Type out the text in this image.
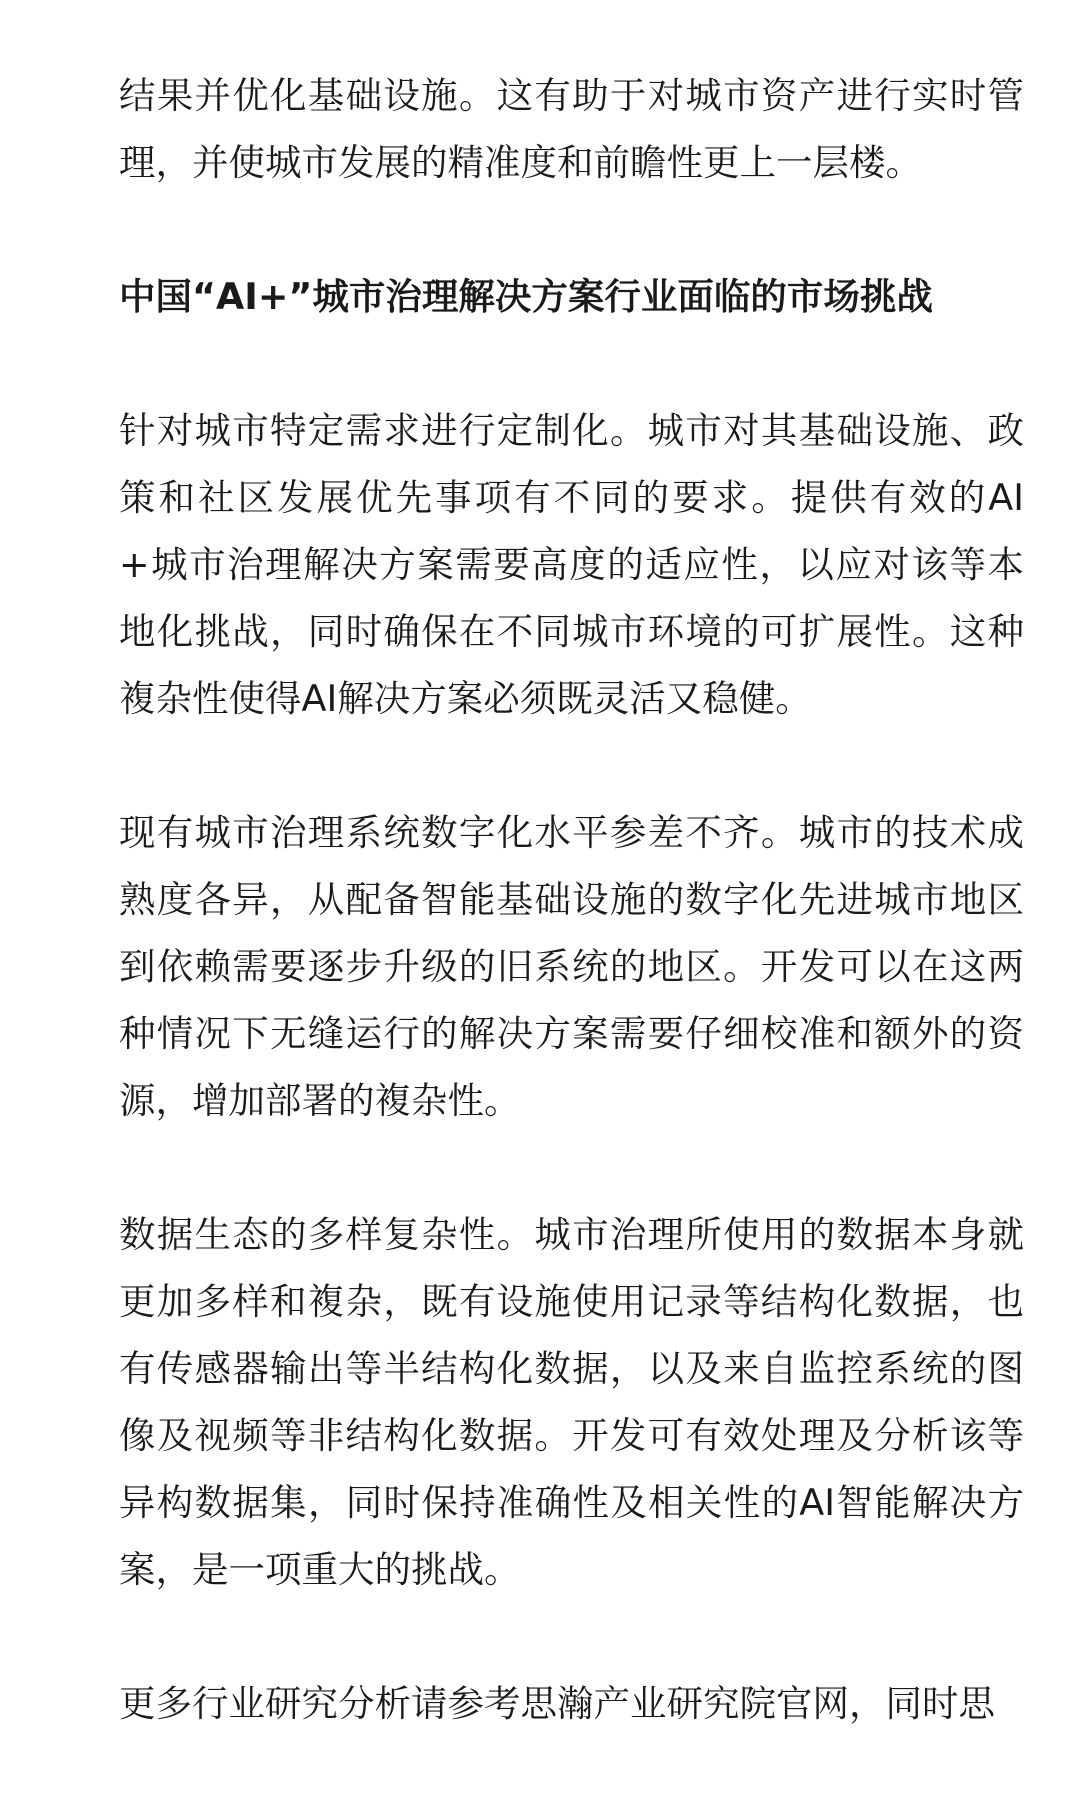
结果并优化基础设施。这有助于对城市资产进行实时管理，并使城市发展的精准度和前瞻性更上一层楼。

中国“AI+”城市治理解决方案行业面临的市场挑战

针对城市特定需求进行定制化。城市对其基础设施、政策和社区发展优先事项有不同的要求。提供有效的AI+城市治理解决方案需要高度的适应性，以应对该等本地化挑战，同时确保在不同城市环境的可扩展性。这种複杂性使得AI解决方案必须既灵活又稳健。

现有城市治理系统数字化水平参差不齐。城市的技术成熟度各异，从配备智能基础设施的数字化先进城市地区到依赖需要逐步升级的旧系统的地区。开发可以在这两种情况下无缝运行的解决方案需要仔细校准和额外的资源，增加部署的複杂性。

数据生态的多样复杂性。城市治理所使用的数据本身就更加多样和複杂，既有设施使用记录等结构化数据，也有传感器输出等半结构化数据，以及来自监控系统的图像及视频等非结构化数据。开发可有效处理及分析该等异构数据集，同时保持准确性及相关性的AI智能解决方案，是一项重大的挑战。

更多行业研究分析请参考思瀚产业研究院官网，同时思
